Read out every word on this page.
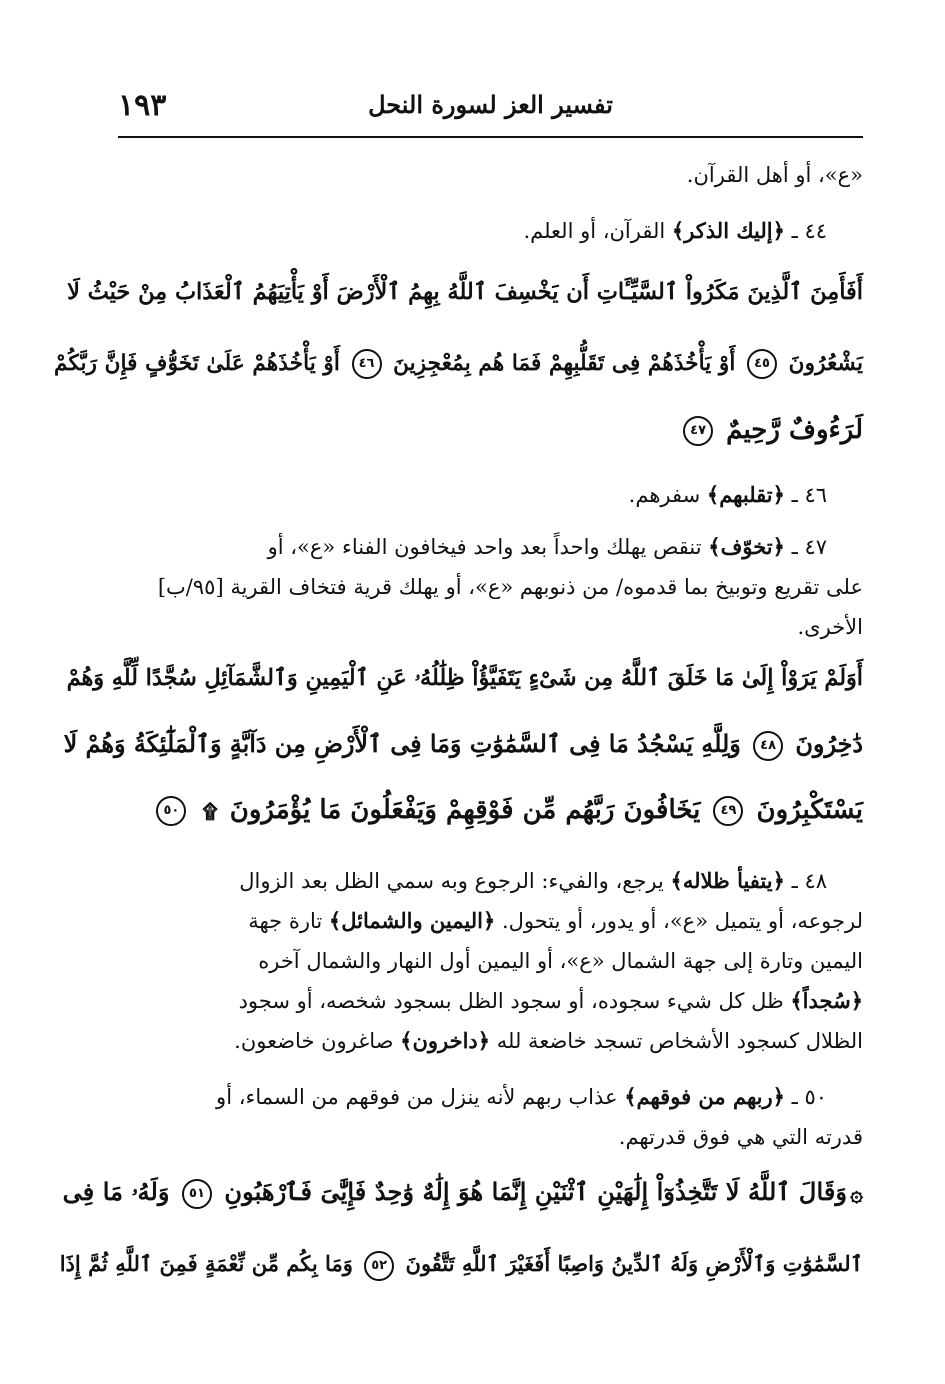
١٩٣	تفسير العز لسورة النحل
«ع»، أو أهل القرآن.
٤٤ ـ ﴿إليك الذكر﴾ القرآن، أو العلم.
أَفَأَمِنَ ٱلَّذِينَ مَكَرُواْ ٱلسَّيِّـَٔاتِ أَن يَخْسِفَ ٱللَّهُ بِهِمُ ٱلْأَرْضَ أَوْ يَأْتِيَهُمُ ٱلْعَذَابُ مِنْ حَيْثُ لَا
يَشْعُرُونَ ٤٥ أَوْ يَأْخُذَهُمْ فِى تَقَلُّبِهِمْ فَمَا هُم بِمُعْجِزِينَ ٤٦ أَوْ يَأْخُذَهُمْ عَلَىٰ تَخَوُّفٍ فَإِنَّ رَبَّكُمْ
لَرَءُوفٌ رَّحِيمٌ ٤٧
٤٦ ـ ﴿تقلبهم﴾ سفرهم.
٤٧ ـ ﴿تخوّف﴾ تنقص يهلك واحداً بعد واحد فيخافون الفناء «ع»، أو
على تقريع وتوبيخ بما قدموه/ من ذنوبهم «ع»، أو يهلك قرية فتخاف القرية [٩٥/ب]
الأخرى.
أَوَلَمْ يَرَوْاْ إِلَىٰ مَا خَلَقَ ٱللَّهُ مِن شَىْءٍ يَتَفَيَّؤُاْ ظِلَٰلُهُۥ عَنِ ٱلْيَمِينِ وَٱلشَّمَآئِلِ سُجَّدًا لِّلَّهِ وَهُمْ
دَٰخِرُونَ ٤٨ وَلِلَّهِ يَسْجُدُ مَا فِى ٱلسَّمَٰوَٰتِ وَمَا فِى ٱلْأَرْضِ مِن دَآبَّةٍ وَٱلْمَلَٰٓئِكَةُ وَهُمْ لَا
يَسْتَكْبِرُونَ ٤٩ يَخَافُونَ رَبَّهُم مِّن فَوْقِهِمْ وَيَفْعَلُونَ مَا يُؤْمَرُونَ ۩ ٥٠
٤٨ ـ ﴿يتفيأ ظلاله﴾ يرجع، والفيء: الرجوع وبه سمي الظل بعد الزوال
لرجوعه، أو يتميل «ع»، أو يدور، أو يتحول. ﴿اليمين والشمائل﴾ تارة جهة
اليمين وتارة إلى جهة الشمال «ع»، أو اليمين أول النهار والشمال آخره
﴿سُجداً﴾ ظل كل شيء سجوده، أو سجود الظل بسجود شخصه، أو سجود
الظلال كسجود الأشخاص تسجد خاضعة لله ﴿داخرون﴾ صاغرون خاضعون.
٥٠ ـ ﴿ربهم من فوقهم﴾ عذاب ربهم لأنه ينزل من فوقهم من السماء، أو
قدرته التي هي فوق قدرتهم.
۞وَقَالَ ٱللَّهُ لَا تَتَّخِذُوٓاْ إِلَٰهَيْنِ ٱثْنَيْنِ إِنَّمَا هُوَ إِلَٰهٌ وَٰحِدٌ فَإِيَّٰىَ فَٱرْهَبُونِ ٥١ وَلَهُۥ مَا فِى
ٱلسَّمَٰوَٰتِ وَٱلْأَرْضِ وَلَهُ ٱلدِّينُ وَاصِبًا أَفَغَيْرَ ٱللَّهِ تَتَّقُونَ ٥٢ وَمَا بِكُم مِّن نِّعْمَةٍ فَمِنَ ٱللَّهِ ثُمَّ إِذَا
